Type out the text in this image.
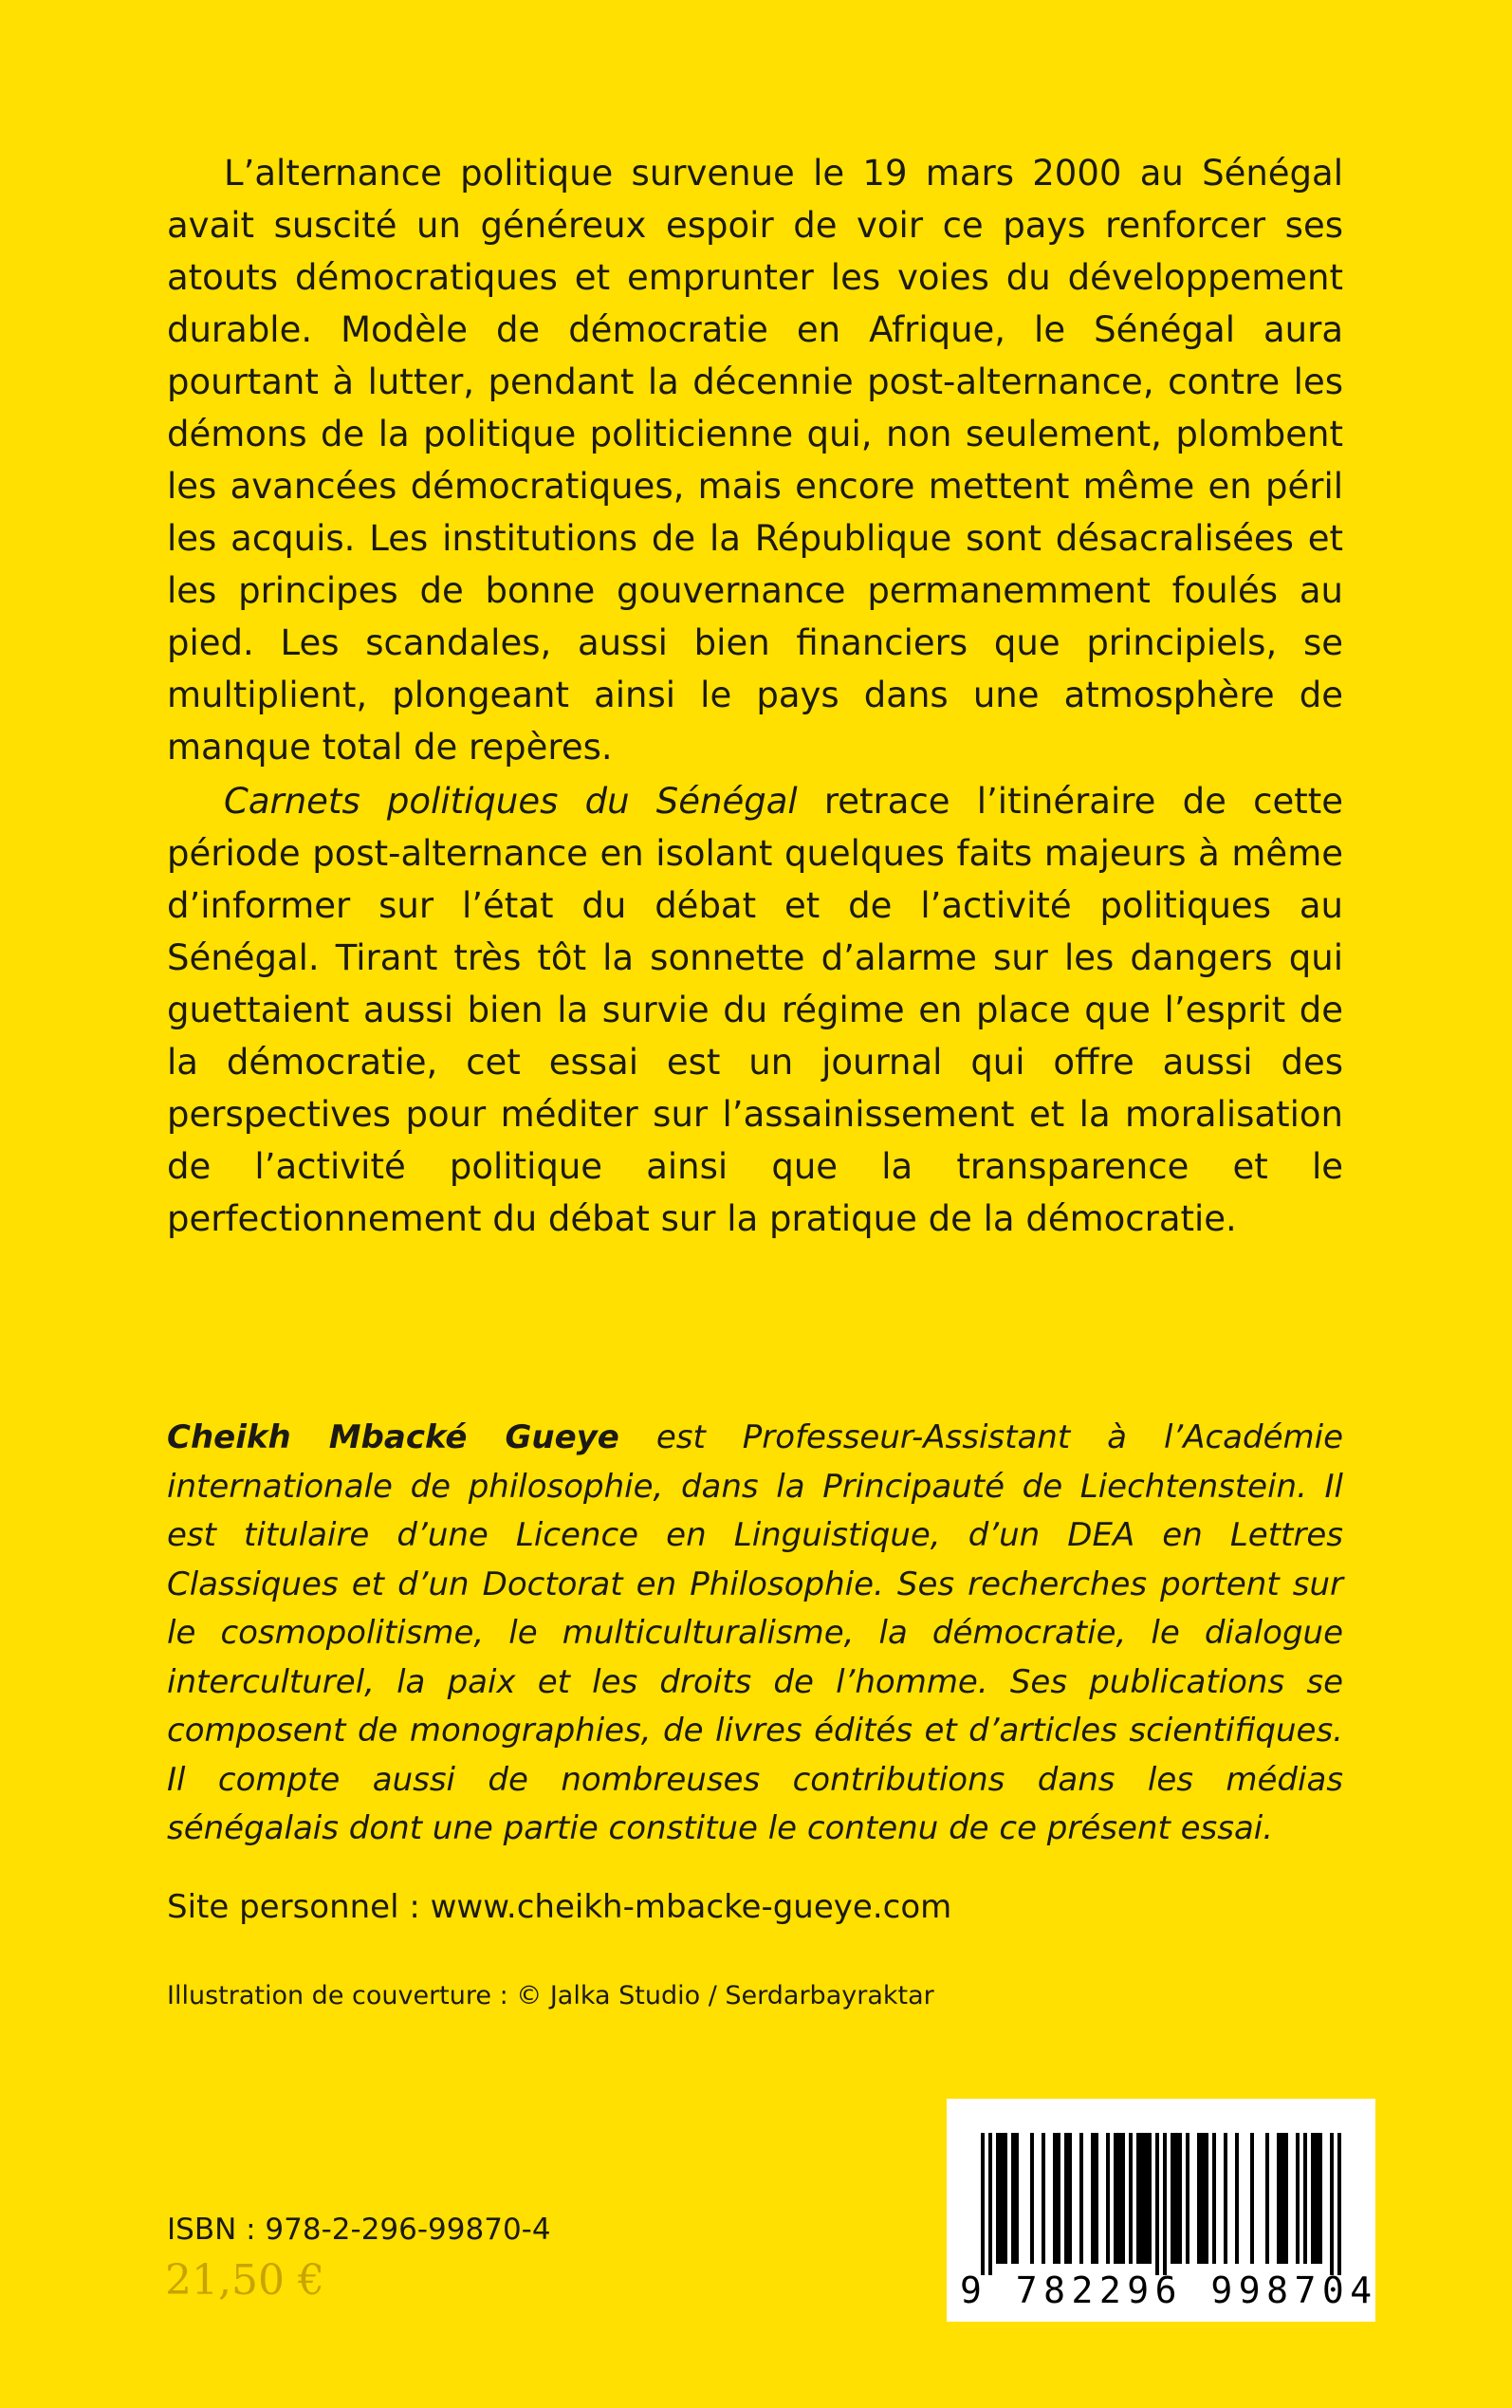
L’alternance politique survenue le 19 mars 2000 au Sénégal avait suscité un généreux espoir de voir ce pays renforcer ses atouts démocratiques et emprunter les voies du développement durable. Modèle de démocratie en Afrique, le Sénégal aura pourtant à lutter, pendant la décennie post-alternance, contre les démons de la politique politicienne qui, non seulement, plombent les avancées démocratiques, mais encore mettent même en péril les acquis. Les institutions de la République sont désacralisées et les principes de bonne gouvernance permanemment foulés au pied. Les scandales, aussi bien financiers que principiels, se multiplient, plongeant ainsi le pays dans une atmosphère de manque total de repères.

Carnets politiques du Sénégal retrace l’itinéraire de cette période post-alternance en isolant quelques faits majeurs à même d’informer sur l’état du débat et de l’activité politiques au Sénégal. Tirant très tôt la sonnette d’alarme sur les dangers qui guettaient aussi bien la survie du régime en place que l’esprit de la démocratie, cet essai est un journal qui offre aussi des perspectives pour méditer sur l’assainissement et la moralisation de l’activité politique ainsi que la transparence et le perfectionnement du débat sur la pratique de la démocratie.

Cheikh Mbacké Gueye est Professeur-Assistant à l’Académie internationale de philosophie, dans la Principauté de Liechtenstein. Il est titulaire d’une Licence en Linguistique, d’un DEA en Lettres Classiques et d’un Doctorat en Philosophie. Ses recherches portent sur le cosmopolitisme, le multiculturalisme, la démocratie, le dialogue interculturel, la paix et les droits de l’homme. Ses publications se composent de monographies, de livres édités et d’articles scientifiques. Il compte aussi de nombreuses contributions dans les médias sénégalais dont une partie constitue le contenu de ce présent essai.
Site personnel : www.cheikh-mbacke-gueye.com
Illustration de couverture : © Jalka Studio / Serdarbayraktar
ISBN : 978-2-296-99870-4
21,50 €	9 782296 998704
